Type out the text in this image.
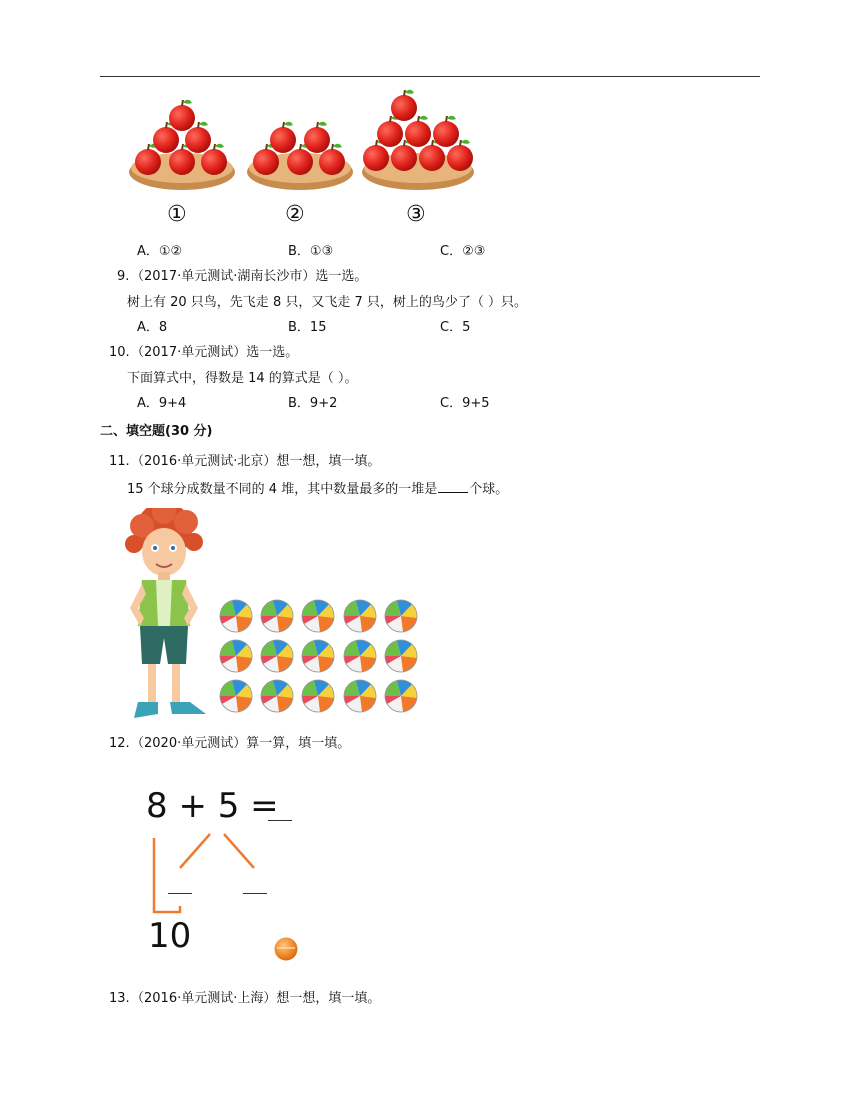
①	②	③
A．①②	B．①③	C．②③
9. （2017·单元测试·湖南长沙市）选一选。
树上有 20 只鸟，先飞走 8 只，又飞走 7 只，树上的鸟少了（ ）只。
A．8	B．15	C．5
10. （2017·单元测试）选一选。
下面算式中，得数是 14 的算式是（ ）。
A．9+4	B．9+2	C．9+5
二、填空题(30 分)
11. （2016·单元测试·北京）想一想，填一填。
15 个球分成数量不同的 4 堆，其中数量最多的一堆是 个球。
12. （2020·单元测试）算一算，填一填。
8 + 5 =
10
13. （2016·单元测试·上海）想一想，填一填。
